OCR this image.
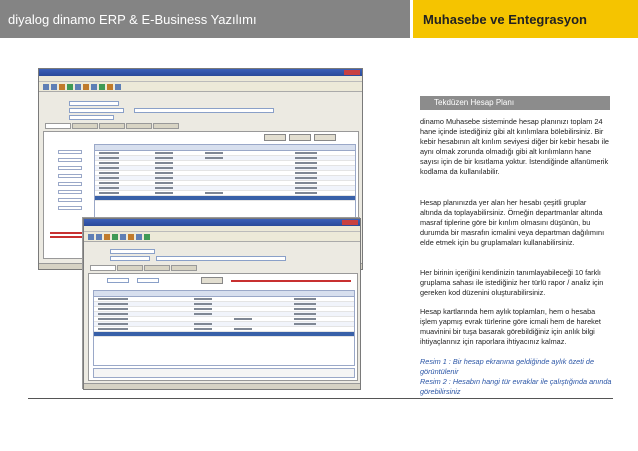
diyalog dinamo ERP & E-Business Yazılımı	Muhasebe ve Entegrasyon
Tekdüzen Hesap Planı

dinamo Muhasebe sisteminde hesap planınızı toplam 24 hane içinde istediğiniz gibi alt kırılımlara bölebilirsiniz. Bir kebir hesabının alt kırılım seviyesi diğer bir kebir hesabı ile aynı olmak zorunda olmadığı gibi alt kırılımların hane sayısı için de bir kısıtlama yoktur. İstendiğinde alfanümerik kodlama da kullanılabilir.

Hesap planınızda yer alan her hesabı çeşitli gruplar altında da toplayabilirsiniz. Örneğin departmanlar altında masraf tiplerine göre bir kırılım olmasını düşünün, bu durumda bir masrafın icmalini veya departman dağılımını elde etmek için bu gruplamaları kullanabilirsiniz.

Her birinin içeriğini kendinizin tanımlayabileceği 10 farklı gruplama sahası ile istediğiniz her türlü rapor / analiz için gereken kod düzenini oluşturabilirsiniz.

Hesap kartlarında hem aylık toplamları, hem o hesaba işlem yapmış evrak türlerine göre icmali hem de hareket muavinini bir tuşa basarak görebildiğiniz için anlık bilgi ihtiyaçlarınız için raporlara ihtiyacınız kalmaz.

Resim 1 : Bir hesap ekranına geldiğinde aylık özeti de görüntülenir

Resim 2 : Hesabın hangi tür evraklar ile çalıştığında anında görebilirsiniz
